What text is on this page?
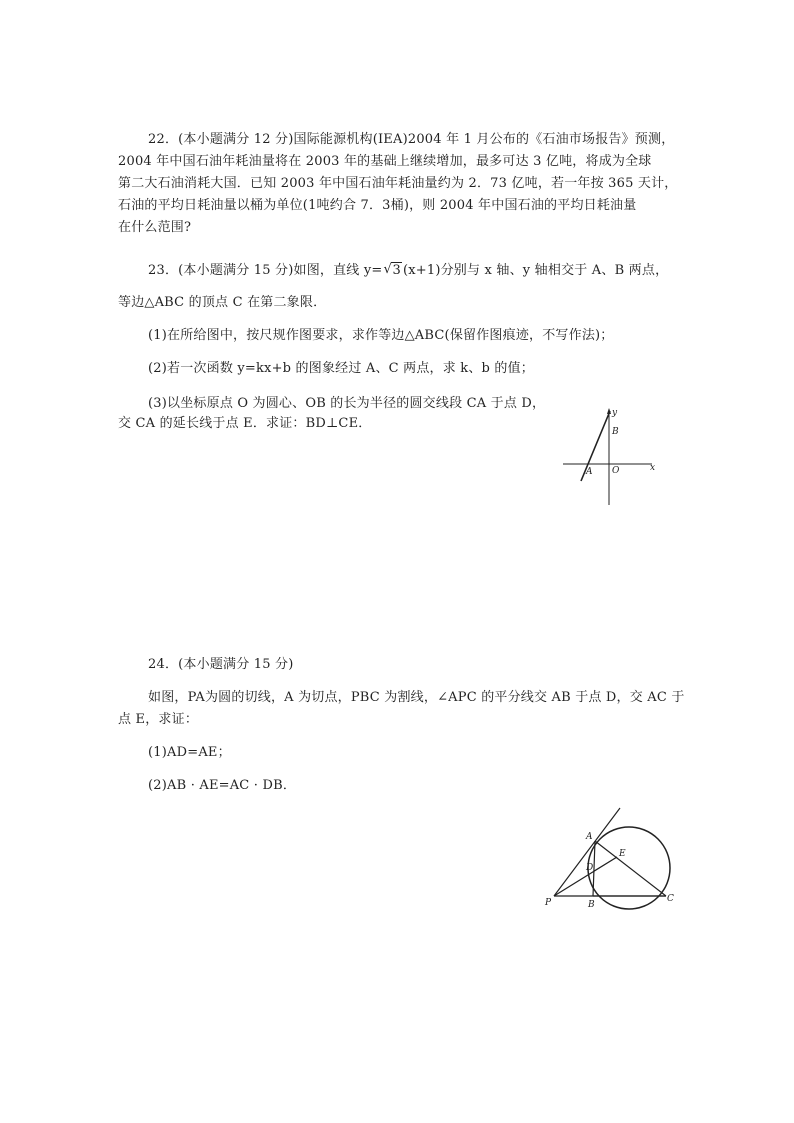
22．(本小题满分 12 分)国际能源机构(IEA)2004 年 1 月公布的《石油市场报告》预测，
2004 年中国石油年耗油量将在 2003 年的基础上继续增加，最多可达 3 亿吨，将成为全球
第二大石油消耗大国．已知 2003 年中国石油年耗油量约为 2．73 亿吨，若一年按 365 天计，
石油的平均日耗油量以桶为单位(1吨约合 7．3桶)，则 2004 年中国石油的平均日耗油量
在什么范围?
23．(本小题满分 15 分)如图，直线 y=√ 3 (x+1)分别与 x 轴、y 轴相交于 A、B 两点，
等边△ABC 的顶点 C 在第二象限．
(1)在所给图中，按尺规作图要求，求作等边△ABC(保留作图痕迹，不写作法)；
(2)若一次函数 y=kx+b 的图象经过 A、C 两点，求 k、b 的值；
(3)以坐标原点 O 为圆心、OB 的长为半径的圆交线段 CA 于点 D，
交 CA 的延长线于点 E．求证：BD⊥CE．
y
B
A O	x
24．(本小题满分 15 分)
如图，PA为圆的切线，A 为切点，PBC 为割线，∠APC 的平分线交 AB 于点 D，交 AC 于
点 E，求证：
(1)AD=AE；
(2)AB · AE=AC · DB．
A
E
D
P	B
C
